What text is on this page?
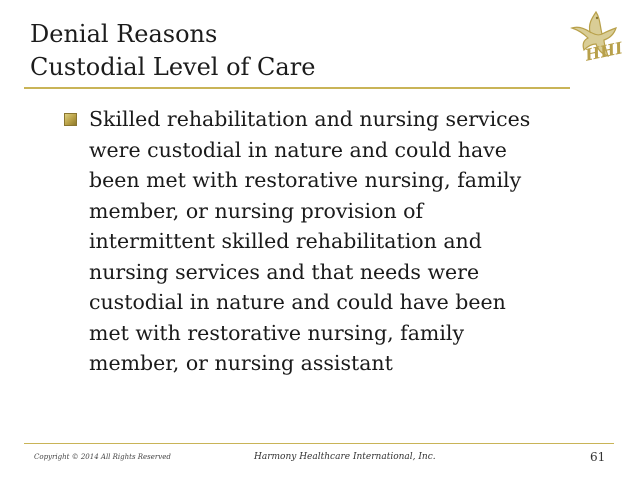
Denial Reasons
Custodial Level of Care
HHI
Skilled rehabilitation and nursing services
were custodial in nature and could have
been met with restorative nursing, family
member, or nursing provision of
intermittent skilled rehabilitation and
nursing services and that needs were
custodial in nature and could have been
met with restorative nursing, family
member, or nursing assistant
Copyright © 2014 All Rights Reserved	Harmony Healthcare International, Inc.	61
